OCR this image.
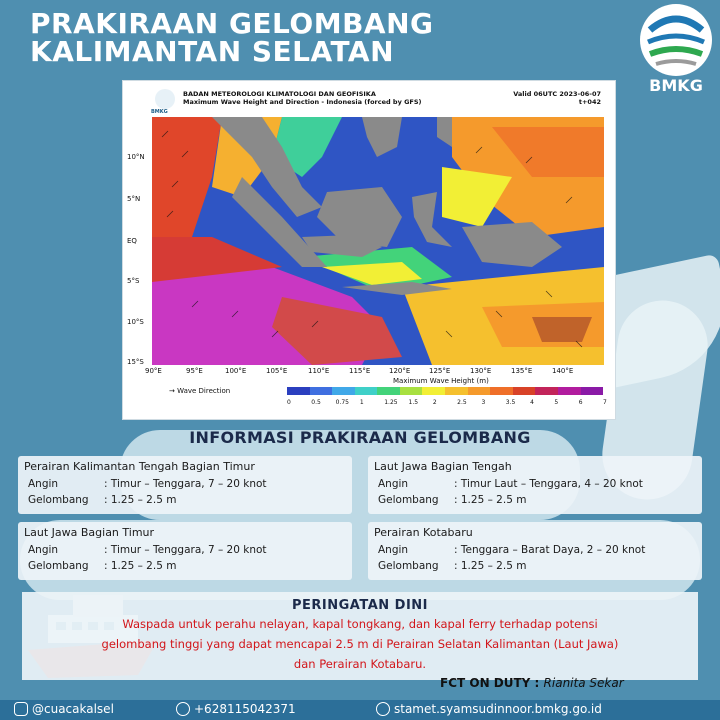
PRAKIRAAN GELOMBANG
KALIMANTAN SELATAN
BMKG
BMKG
BADAN METEOROLOGI KLIMATOLOGI DAN GEOFISIKA
Maximum Wave Height and Direction - Indonesia (forced by GFS)
Valid 06UTC 2023-06-07
t+042
10°N
5°N
EQ
5°S
10°S
15°S
90°E	95°E	100°E	105°E	110°E	115°E	120°E	125°E	130°E	135°E	140°E
→ Wave Direction
Maximum Wave Height (m)
0	0.5 0.75 1	1.25 1.5 2	2.5 3	3.5 4	5	6	7
INFORMASI PRAKIRAAN GELOMBANG
Perairan Kalimantan Tengah Bagian Timur
Angin	: Timur – Tenggara, 7 – 20 knot
Gelombang : 1.25 – 2.5 m
Laut Jawa Bagian Tengah
Angin	: Timur Laut – Tenggara, 4 – 20 knot
Gelombang : 1.25 – 2.5 m
Laut Jawa Bagian Timur
Angin	: Timur – Tenggara, 7 – 20 knot
Gelombang : 1.25 – 2.5 m
Perairan Kotabaru
Angin	: Tenggara – Barat Daya, 2 – 20 knot
Gelombang : 1.25 – 2.5 m
PERINGATAN DINI
Waspada untuk perahu nelayan, kapal tongkang, dan kapal ferry terhadap potensi
gelombang tinggi yang dapat mencapai 2.5 m di Perairan Selatan Kalimantan (Laut Jawa)
dan Perairan Kotabaru.
FCT ON DUTY : Rianita Sekar
@cuacakalsel	+628115042371	stamet.syamsudinnoor.bmkg.go.id
